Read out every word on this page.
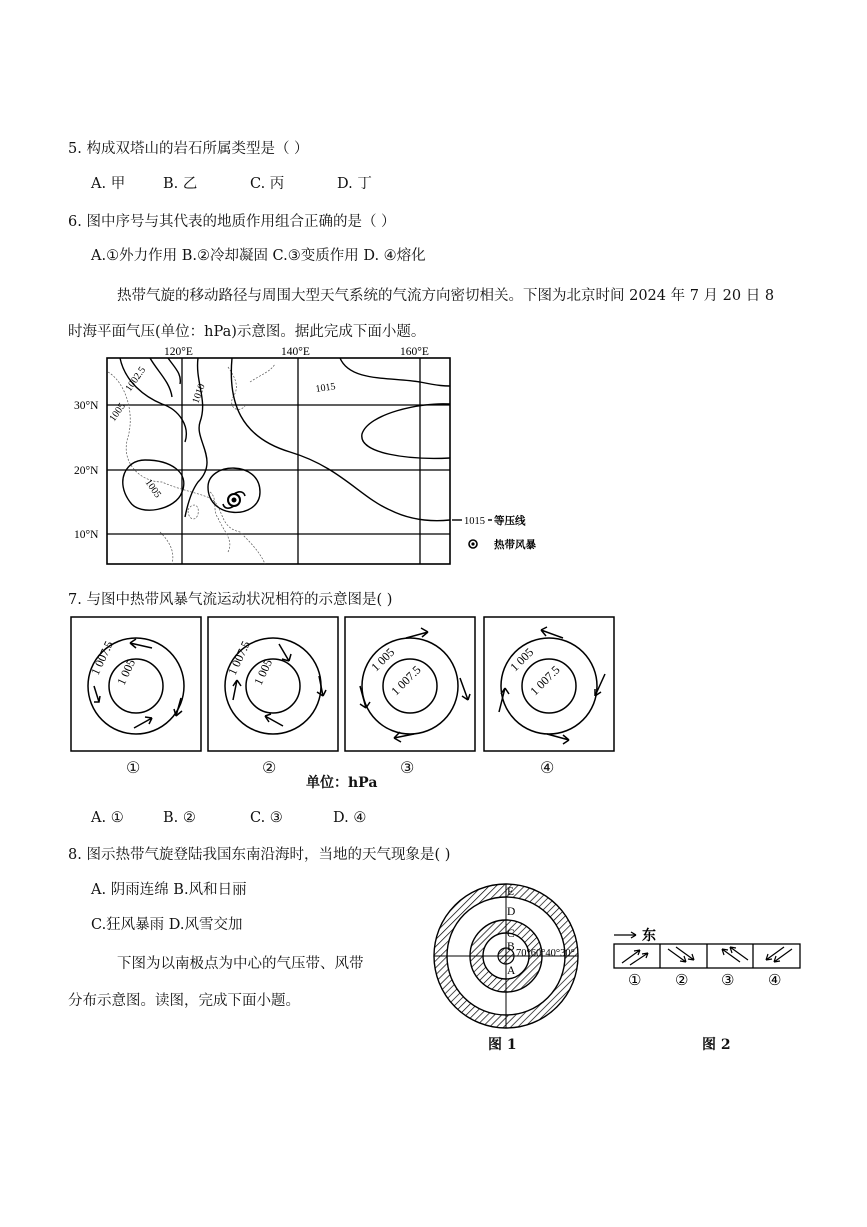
5. 构成双塔山的岩石所属类型是（ ）
A. 甲	B. 乙	C. 丙	D. 丁
6. 图中序号与其代表的地质作用组合正确的是（ ）
A.①外力作用 B.②冷却凝固 C.③变质作用 D. ④熔化
热带气旋的移动路径与周围大型天气系统的气流方向密切相关。下图为北京时间 2024 年 7 月 20 日 8
时海平面气压(单位：hPa)示意图。据此完成下面小题。
1002.5
1005
1010	1015
1005
120°E	140°E	160°E
30°N
20°N
10°N
1015 等压线
热带风暴
7. 与图中热带风暴气流运动状况相符的示意图是( )
1 007.5
1 005	1 007.5
1 005	1 005
1 007.5
1 005
1 007.5
①	②	③	④
单位：hPa
A. ①	B. ②	C. ③	D. ④
8. 图示热带气旋登陆我国东南沿海时，当地的天气现象是( )
A. 阴雨连绵 B.风和日丽
C.狂风暴雨 D.风雪交加
下图为以南极点为中心的气压带、风带
分布示意图。读图，完成下面小题。
E
D
C
B
A
70°60°40°30°
图 1
东
① ② ③ ④
图 2
